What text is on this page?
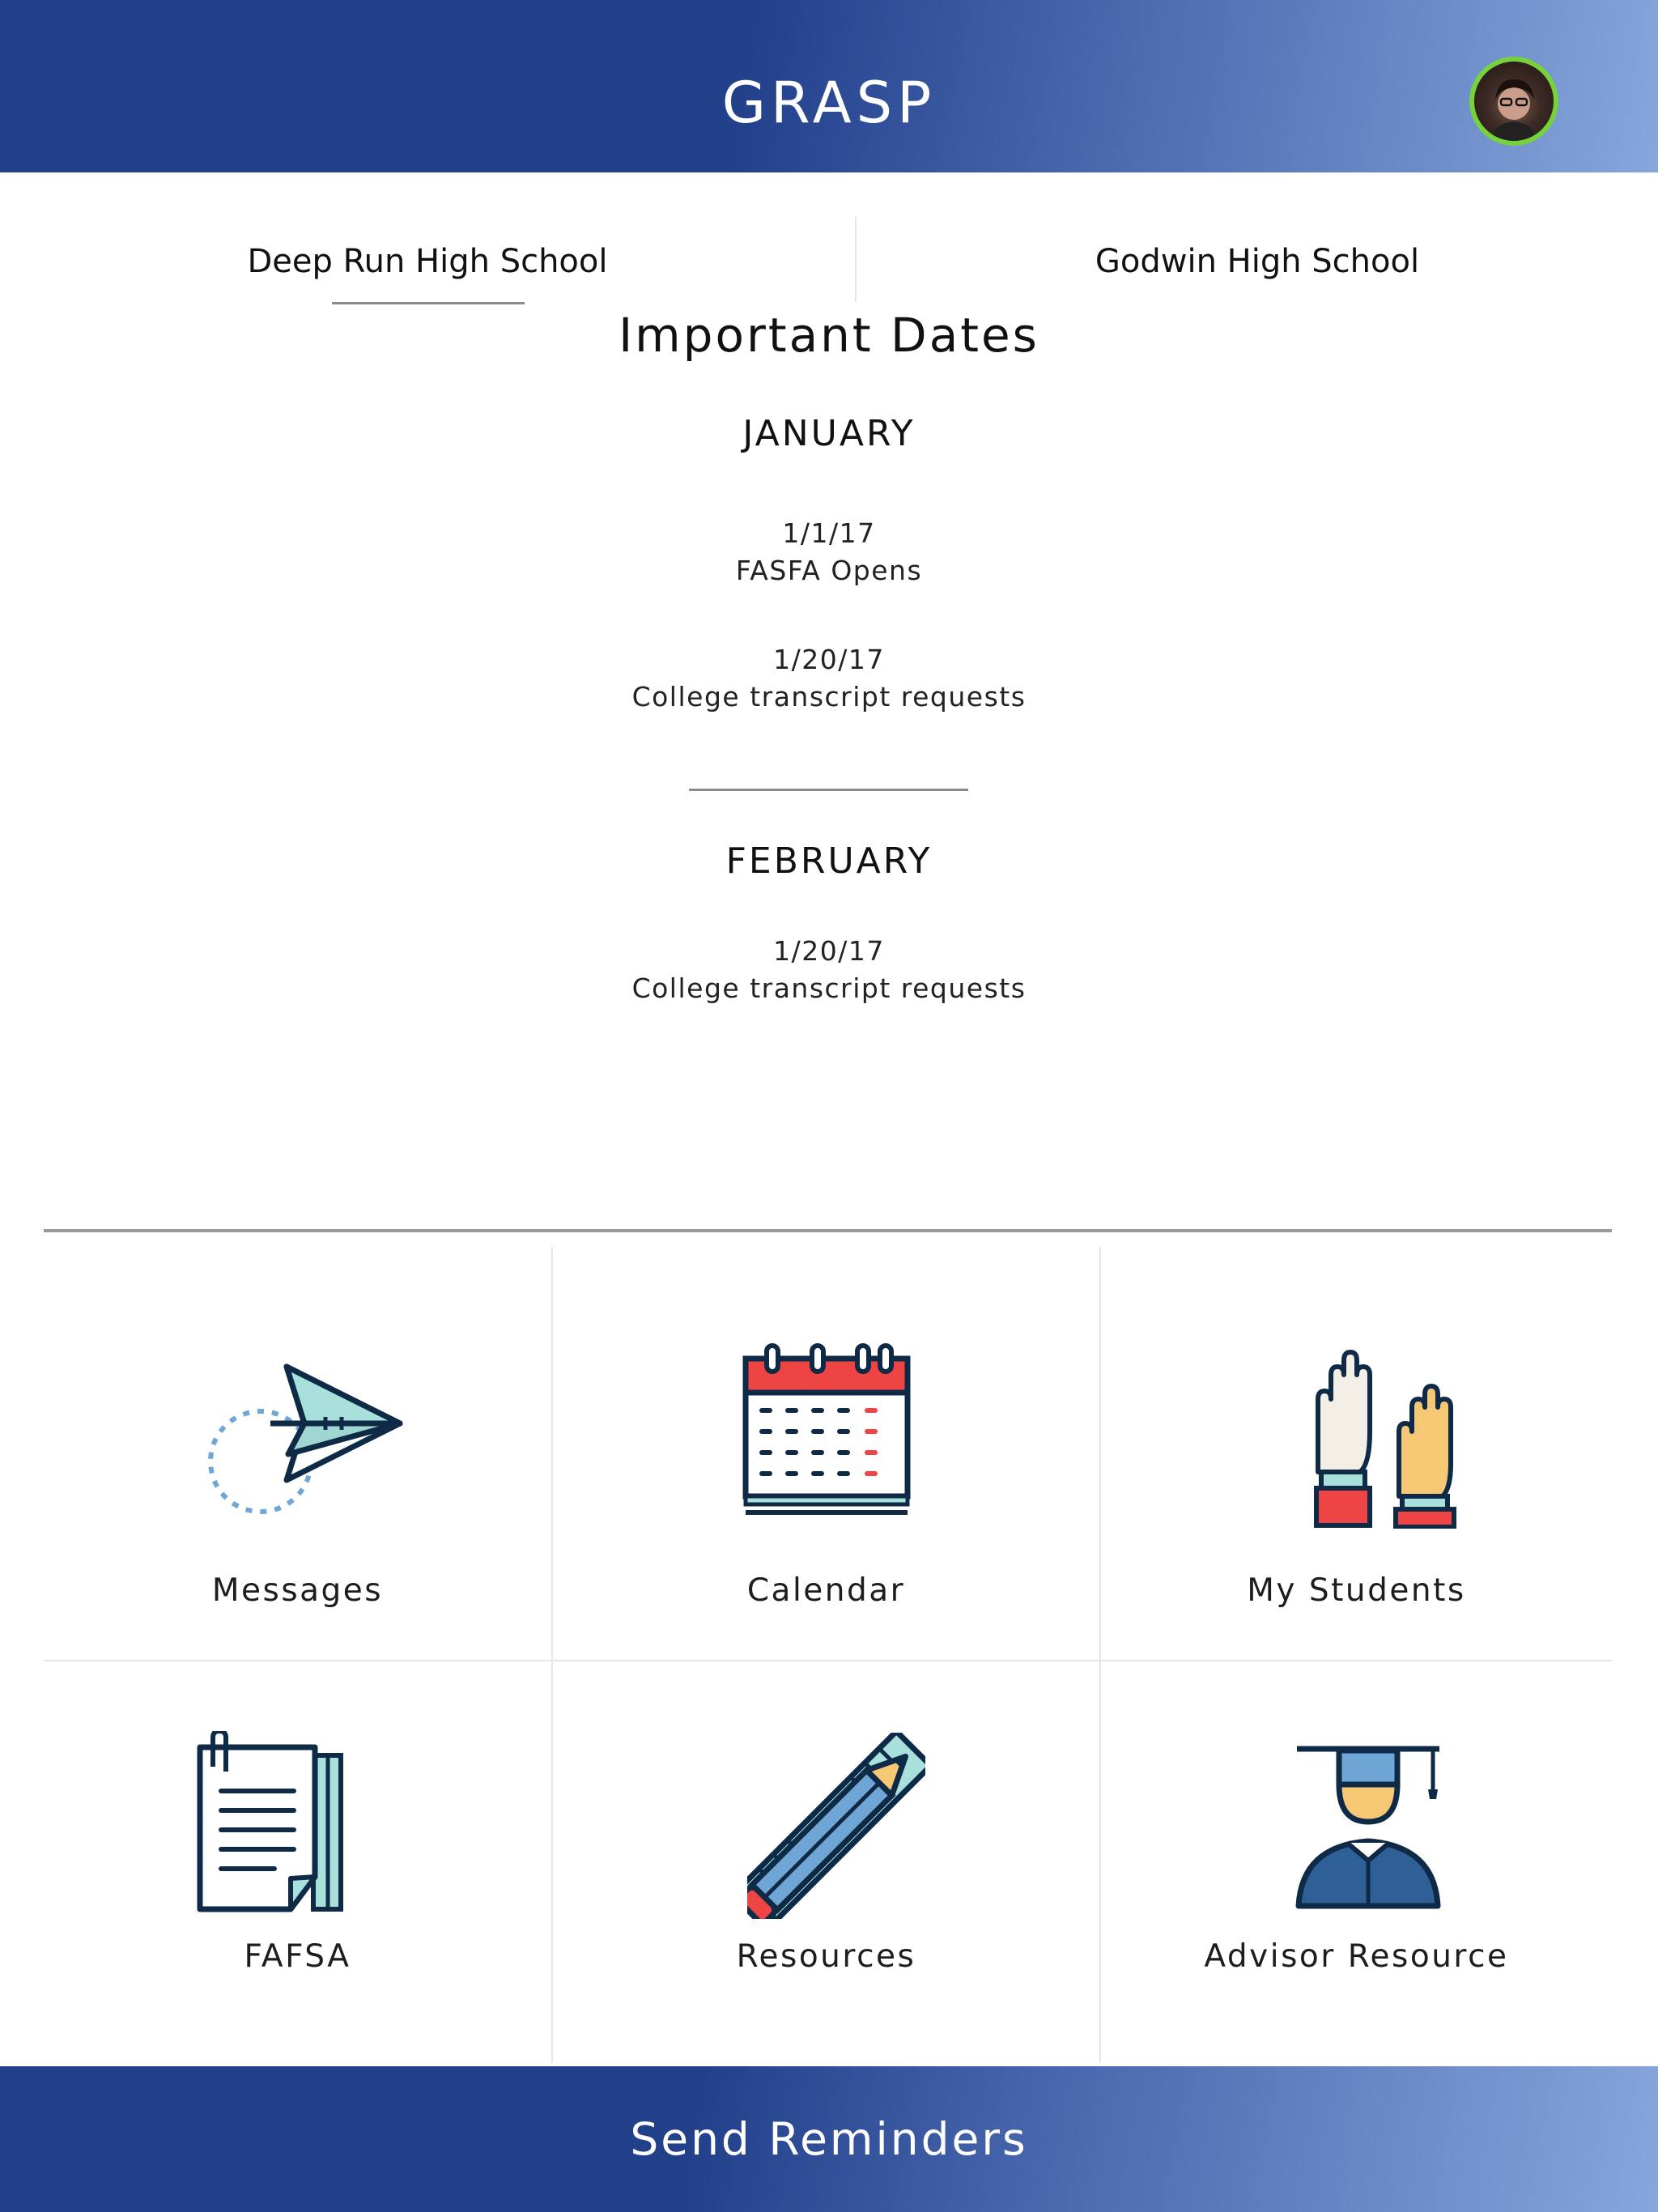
GRASP
Deep Run High School	Godwin High School
Important Dates
JANUARY
1/1/17
FASFA Opens
1/20/17
College transcript requests
FEBRUARY
1/20/17
College transcript requests
Messages	Calendar	My Students
FAFSA	Resources	Advisor Resource
Send Reminders
